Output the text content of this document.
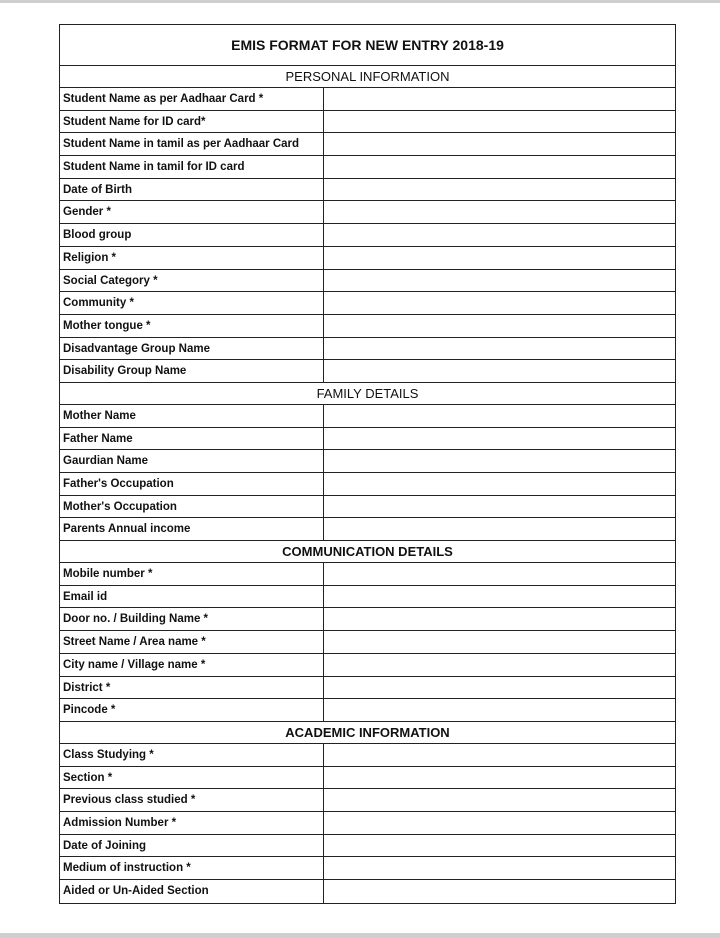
EMIS FORMAT FOR NEW ENTRY 2018-19
PERSONAL INFORMATION
Student Name as per Aadhaar Card *
Student Name for ID card*
Student Name in tamil as per Aadhaar Card
Student Name in tamil for ID card
Date of Birth
Gender *
Blood group
Religion *
Social Category *
Community *
Mother tongue *
Disadvantage Group Name
Disability Group Name
FAMILY DETAILS
Mother Name
Father Name
Gaurdian Name
Father's Occupation
Mother's Occupation
Parents Annual income
COMMUNICATION DETAILS
Mobile number *
Email id
Door no. / Building Name *
Street Name / Area name *
City name / Village name *
District *
Pincode *
ACADEMIC INFORMATION
Class Studying *
Section *
Previous class studied *
Admission Number *
Date of Joining
Medium of instruction *
Aided or Un-Aided Section
